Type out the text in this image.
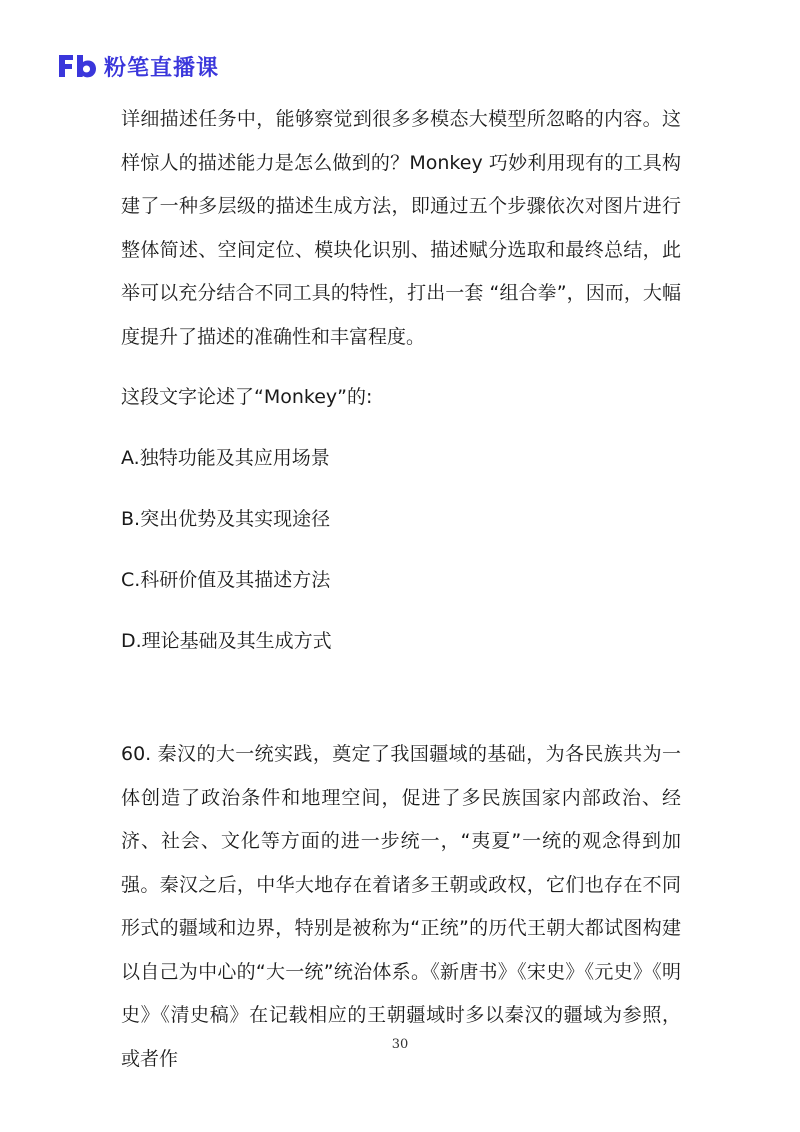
粉笔直播课

详细描述任务中，能够察觉到很多多模态大模型所忽略的内容。这样惊人的描述能力是怎么做到的？Monkey 巧妙利用现有的工具构建了一种多层级的描述生成方法，即通过五个步骤依次对图片进行整体简述、空间定位、模块化识别、描述赋分选取和最终总结，此举可以充分结合不同工具的特性，打出一套 “组合拳”，因而，大幅度提升了描述的准确性和丰富程度。

这段文字论述了“Monkey”的:

A.独特功能及其应用场景

B.突出优势及其实现途径

C.科研价值及其描述方法

D.理论基础及其生成方式

60. 秦汉的大一统实践，奠定了我国疆域的基础，为各民族共为一体创造了政治条件和地理空间，促进了多民族国家内部政治、经济、社会、文化等方面的进一步统一，“夷夏”一统的观念得到加强。秦汉之后，中华大地存在着诸多王朝或政权，它们也存在不同形式的疆域和边界，特别是被称为“正统”的历代王朝大都试图构建以自己为中心的“大一统”统治体系。《新唐书》《宋史》《元史》《明史》《清史稿》在记载相应的王朝疆域时多以秦汉的疆域为参照，或者作

30
